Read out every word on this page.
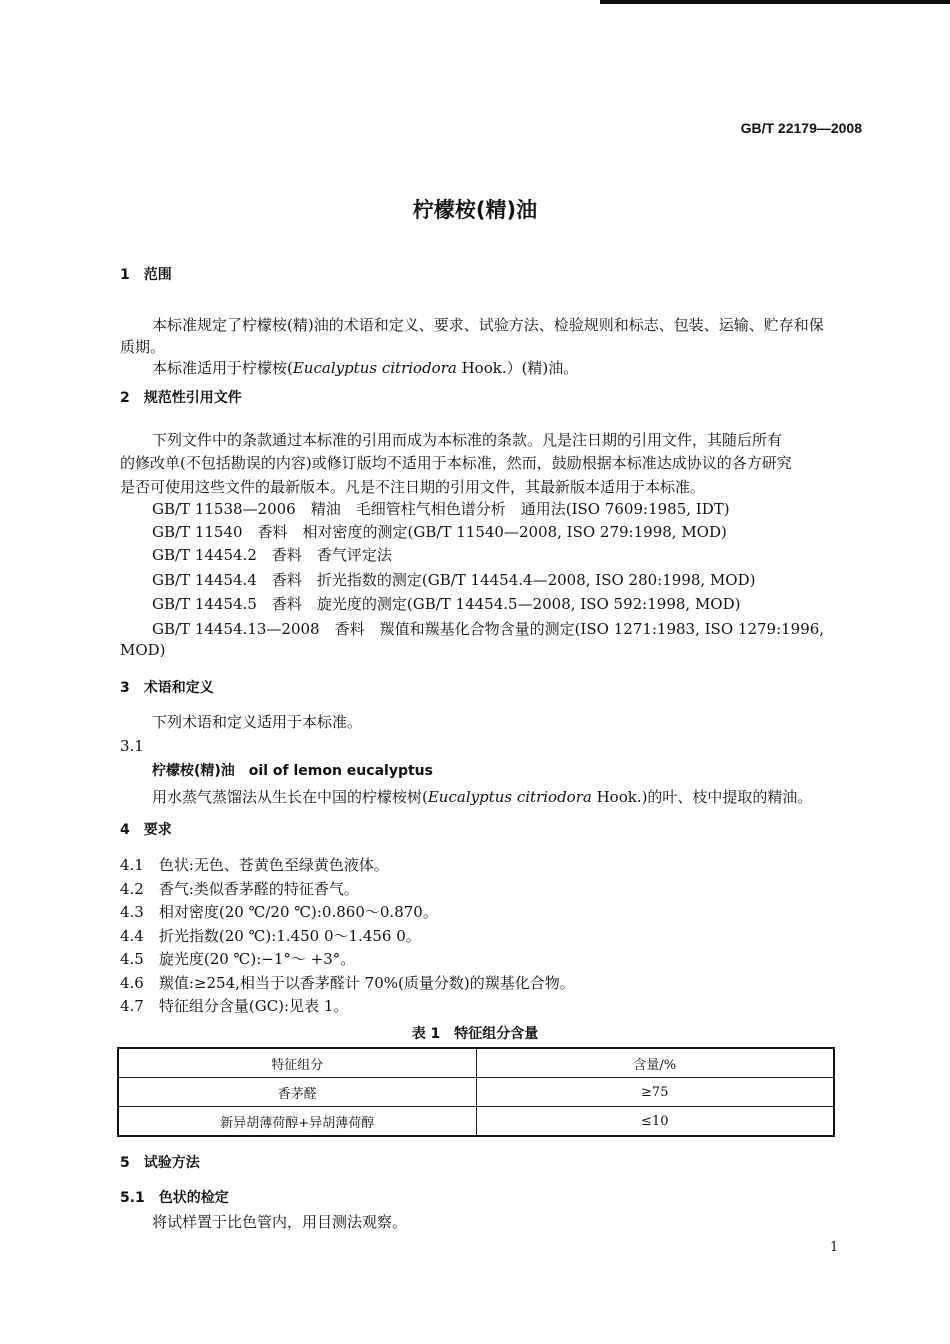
GB/T 22179—2008
柠檬桉(精)油
1　范围
本标准规定了柠檬桉(精)油的术语和定义、要求、试验方法、检验规则和标志、包装、运输、贮存和保
质期。
本标准适用于柠檬桉(Eucalyptus citriodora Hook.）(精)油。
2　规范性引用文件
下列文件中的条款通过本标准的引用而成为本标准的条款。凡是注日期的引用文件，其随后所有
的修改单(不包括勘误的内容)或修订版均不适用于本标准，然而，鼓励根据本标准达成协议的各方研究
是否可使用这些文件的最新版本。凡是不注日期的引用文件，其最新版本适用于本标准。
GB/T 11538—2006　精油　毛细管柱气相色谱分析　通用法(ISO 7609:1985, IDT)
GB/T 11540　香料　相对密度的测定(GB/T 11540—2008, ISO 279:1998, MOD)
GB/T 14454.2　香料　香气评定法
GB/T 14454.4　香料　折光指数的测定(GB/T 14454.4—2008, ISO 280:1998, MOD)
GB/T 14454.5　香料　旋光度的测定(GB/T 14454.5—2008, ISO 592:1998, MOD)
GB/T 14454.13—2008　香料　羰值和羰基化合物含量的测定(ISO 1271:1983, ISO 1279:1996,
MOD)
3　术语和定义
下列术语和定义适用于本标准。
3.1
柠檬桉(精)油　oil of lemon eucalyptus
用水蒸气蒸馏法从生长在中国的柠檬桉树(Eucalyptus citriodora Hook.)的叶、枝中提取的精油。
4　要求
4.1　色状:无色、苍黄色至绿黄色液体。
4.2　香气:类似香茅醛的特征香气。
4.3　相对密度(20 ℃/20 ℃):0.860～0.870。
4.4　折光指数(20 ℃):1.450 0～1.456 0。
4.5　旋光度(20 ℃):−1°～ +3°。
4.6　羰值:≥254,相当于以香茅醛计 70%(质量分数)的羰基化合物。
4.7　特征组分含量(GC):见表 1。
表 1　特征组分含量
特征组分	含量/%
香茅醛	≥75
新异胡薄荷醇+异胡薄荷醇	≤10
5　试验方法
5.1　色状的检定
将试样置于比色管内，用目测法观察。
1
